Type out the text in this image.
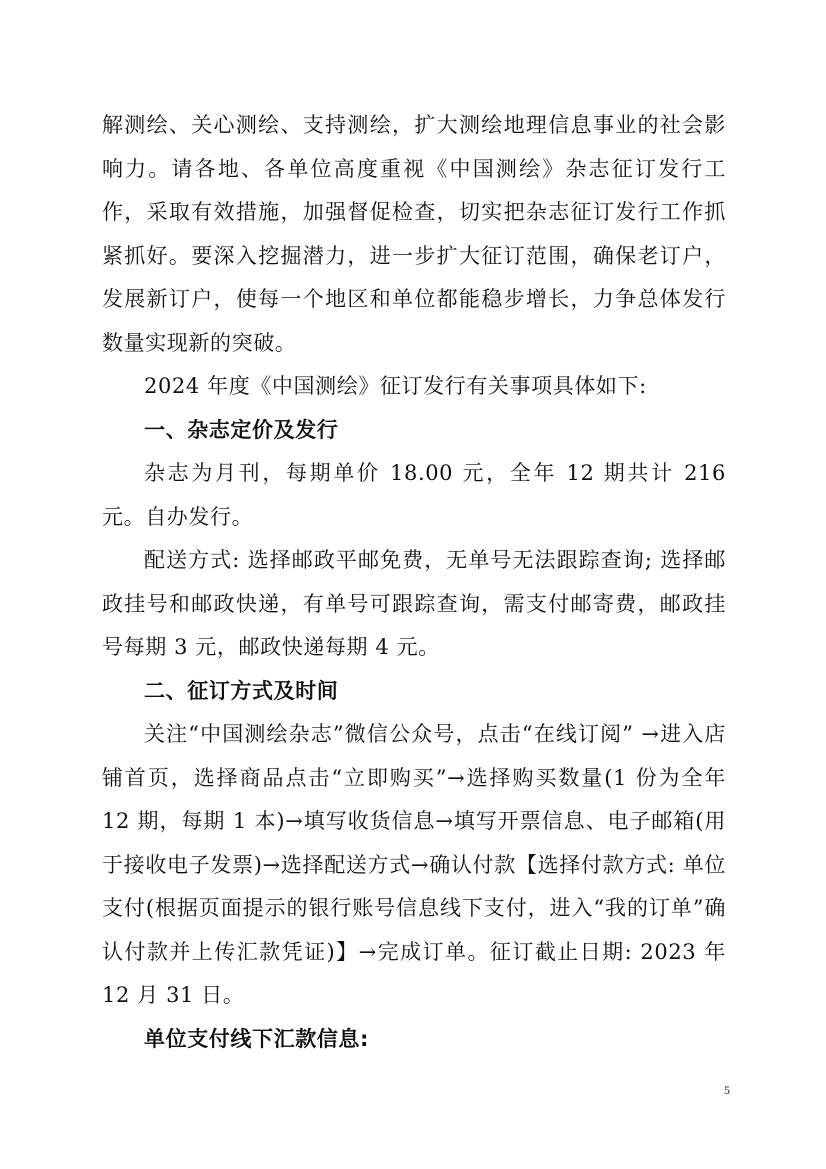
解测绘、关心测绘、支持测绘，扩大测绘地理信息事业的社会影响力。请各地、各单位高度重视《中国测绘》杂志征订发行工作，采取有效措施，加强督促检查，切实把杂志征订发行工作抓紧抓好。要深入挖掘潜力，进一步扩大征订范围，确保老订户，发展新订户，使每一个地区和单位都能稳步增长，力争总体发行数量实现新的突破。

2024 年度《中国测绘》征订发行有关事项具体如下:

一、杂志定价及发行

杂志为月刊，每期单价 18.00 元，全年 12 期共计 216 元。自办发行。

配送方式: 选择邮政平邮免费，无单号无法跟踪查询; 选择邮政挂号和邮政快递，有单号可跟踪查询，需支付邮寄费，邮政挂号每期 3 元，邮政快递每期 4 元。

二、征订方式及时间

关注“中国测绘杂志”微信公众号，点击“在线订阅” →进入店铺首页，选择商品点击“立即购买”→选择购买数量(1 份为全年 12 期，每期 1 本)→填写收货信息→填写开票信息、电子邮箱(用于接收电子发票)→选择配送方式→确认付款【选择付款方式: 单位支付(根据页面提示的银行账号信息线下支付，进入“我的订单”确认付款并上传汇款凭证)】→完成订单。征订截止日期: 2023 年 12 月 31 日。

单位支付线下汇款信息:
5
